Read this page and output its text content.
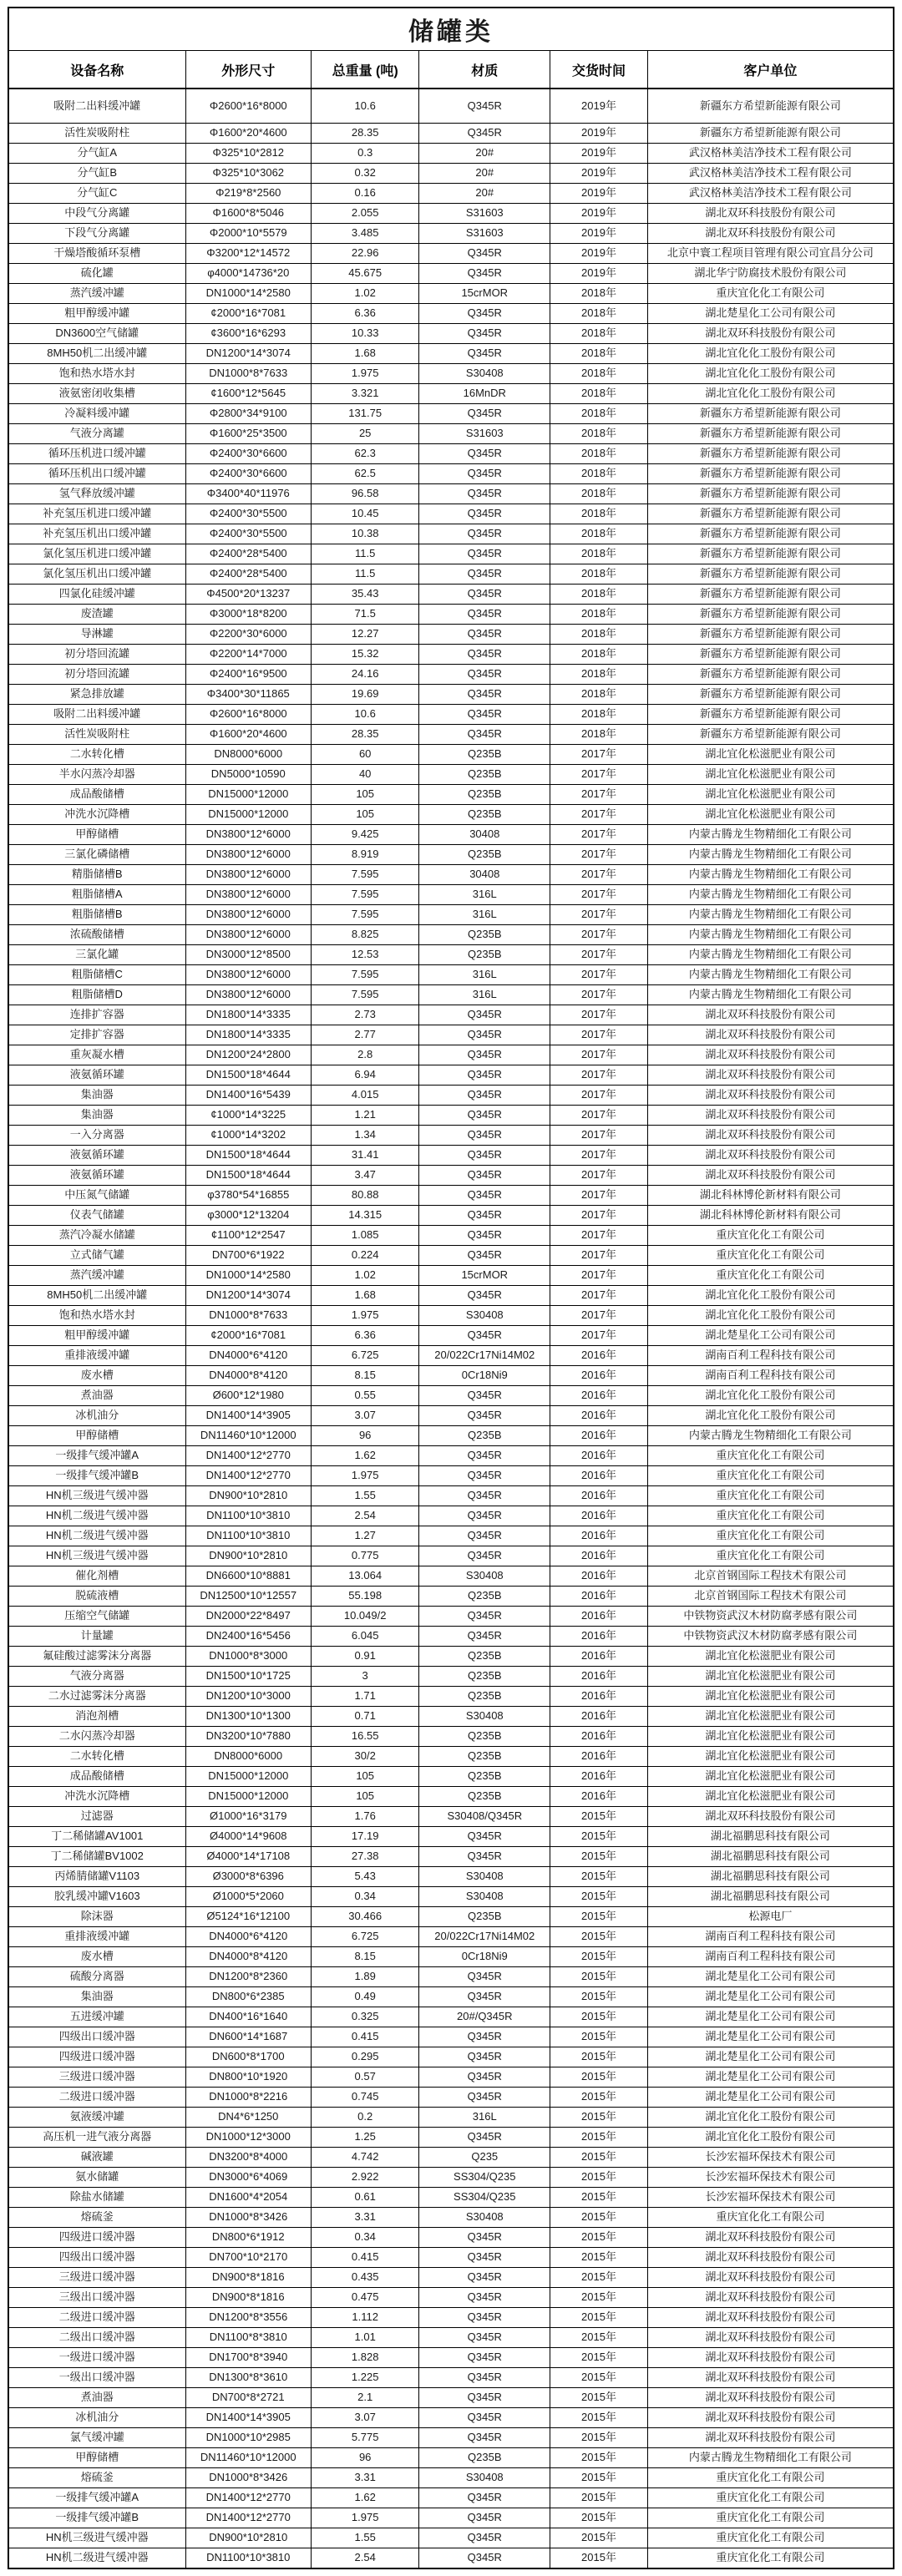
储罐类					
设备名称	外形尺寸	总重量 (吨)	材质	交货时间	客户单位
吸附二出料缓冲罐	Φ2600*16*8000	10.6	Q345R	2019年	新疆东方希望新能源有限公司
活性炭吸附柱	Φ1600*20*4600	28.35	Q345R	2019年	新疆东方希望新能源有限公司
分气缸A	Φ325*10*2812	0.3	20#	2019年	武汉格林美洁净技术工程有限公司
分气缸B	Φ325*10*3062	0.32	20#	2019年	武汉格林美洁净技术工程有限公司
分气缸C	Φ219*8*2560	0.16	20#	2019年	武汉格林美洁净技术工程有限公司
中段气分离罐	Φ1600*8*5046	2.055	S31603	2019年	湖北双环科技股份有限公司
下段气分离罐	Φ2000*10*5579	3.485	S31603	2019年	湖北双环科技股份有限公司
干燥塔酸循环泵槽	Φ3200*12*14572	22.96	Q345R	2019年	北京中寰工程项目管理有限公司宜昌分公司
硫化罐	φ4000*14736*20	45.675	Q345R	2019年	湖北华宁防腐技术股份有限公司
蒸汽缓冲罐	DN1000*14*2580	1.02	15crMOR	2018年	重庆宜化化工有限公司
粗甲醇缓冲罐	¢2000*16*7081	6.36	Q345R	2018年	湖北楚星化工公司有限公司
DN3600空气储罐	¢3600*16*6293	10.33	Q345R	2018年	湖北双环科技股份有限公司
8MH50机二出缓冲罐	DN1200*14*3074	1.68	Q345R	2018年	湖北宜化化工股份有限公司
饱和热水塔水封	DN1000*8*7633	1.975	S30408	2018年	湖北宜化化工股份有限公司
液氨密闭收集槽	¢1600*12*5645	3.321	16MnDR	2018年	湖北宜化化工股份有限公司
冷凝料缓冲罐	Φ2800*34*9100	131.75	Q345R	2018年	新疆东方希望新能源有限公司
气液分离罐	Φ1600*25*3500	25	S31603	2018年	新疆东方希望新能源有限公司
循环压机进口缓冲罐	Φ2400*30*6600	62.3	Q345R	2018年	新疆东方希望新能源有限公司
循环压机出口缓冲罐	Φ2400*30*6600	62.5	Q345R	2018年	新疆东方希望新能源有限公司
氢气释放缓冲罐	Φ3400*40*11976	96.58	Q345R	2018年	新疆东方希望新能源有限公司
补充氢压机进口缓冲罐	Φ2400*30*5500	10.45	Q345R	2018年	新疆东方希望新能源有限公司
补充氢压机出口缓冲罐	Φ2400*30*5500	10.38	Q345R	2018年	新疆东方希望新能源有限公司
氯化氢压机进口缓冲罐	Φ2400*28*5400	11.5	Q345R	2018年	新疆东方希望新能源有限公司
氯化氢压机出口缓冲罐	Φ2400*28*5400	11.5	Q345R	2018年	新疆东方希望新能源有限公司
四氯化硅缓冲罐	Φ4500*20*13237	35.43	Q345R	2018年	新疆东方希望新能源有限公司
废渣罐	Φ3000*18*8200	71.5	Q345R	2018年	新疆东方希望新能源有限公司
导淋罐	Φ2200*30*6000	12.27	Q345R	2018年	新疆东方希望新能源有限公司
初分塔回流罐	Φ2200*14*7000	15.32	Q345R	2018年	新疆东方希望新能源有限公司
初分塔回流罐	Φ2400*16*9500	24.16	Q345R	2018年	新疆东方希望新能源有限公司
紧急排放罐	Φ3400*30*11865	19.69	Q345R	2018年	新疆东方希望新能源有限公司
吸附二出料缓冲罐	Φ2600*16*8000	10.6	Q345R	2018年	新疆东方希望新能源有限公司
活性炭吸附柱	Φ1600*20*4600	28.35	Q345R	2018年	新疆东方希望新能源有限公司
二水转化槽	DN8000*6000	60	Q235B	2017年	湖北宜化松滋肥业有限公司
半水闪蒸冷却器	DN5000*10590	40	Q235B	2017年	湖北宜化松滋肥业有限公司
成品酸储槽	DN15000*12000	105	Q235B	2017年	湖北宜化松滋肥业有限公司
冲洗水沉降槽	DN15000*12000	105	Q235B	2017年	湖北宜化松滋肥业有限公司
甲醇储槽	DN3800*12*6000	9.425	30408	2017年	内蒙古腾龙生物精细化工有限公司
三氯化磷储槽	DN3800*12*6000	8.919	Q235B	2017年	内蒙古腾龙生物精细化工有限公司
精脂储槽B	DN3800*12*6000	7.595	30408	2017年	内蒙古腾龙生物精细化工有限公司
粗脂储槽A	DN3800*12*6000	7.595	316L	2017年	内蒙古腾龙生物精细化工有限公司
粗脂储槽B	DN3800*12*6000	7.595	316L	2017年	内蒙古腾龙生物精细化工有限公司
浓硫酸储槽	DN3800*12*6000	8.825	Q235B	2017年	内蒙古腾龙生物精细化工有限公司
三氯化罐	DN3000*12*8500	12.53	Q235B	2017年	内蒙古腾龙生物精细化工有限公司
粗脂储槽C	DN3800*12*6000	7.595	316L	2017年	内蒙古腾龙生物精细化工有限公司
粗脂储槽D	DN3800*12*6000	7.595	316L	2017年	内蒙古腾龙生物精细化工有限公司
连排扩容器	DN1800*14*3335	2.73	Q345R	2017年	湖北双环科技股份有限公司
定排扩容器	DN1800*14*3335	2.77	Q345R	2017年	湖北双环科技股份有限公司
重灰凝水槽	DN1200*24*2800	2.8	Q345R	2017年	湖北双环科技股份有限公司
液氨循环罐	DN1500*18*4644	6.94	Q345R	2017年	湖北双环科技股份有限公司
集油器	DN1400*16*5439	4.015	Q345R	2017年	湖北双环科技股份有限公司
集油器	¢1000*14*3225	1.21	Q345R	2017年	湖北双环科技股份有限公司
一入分离器	¢1000*14*3202	1.34	Q345R	2017年	湖北双环科技股份有限公司
液氨循环罐	DN1500*18*4644	31.41	Q345R	2017年	湖北双环科技股份有限公司
液氨循环罐	DN1500*18*4644	3.47	Q345R	2017年	湖北双环科技股份有限公司
中压氮气储罐	φ3780*54*16855	80.88	Q345R	2017年	湖北科林博伦新材料有限公司
仪表气储罐	φ3000*12*13204	14.315	Q345R	2017年	湖北科林博伦新材料有限公司
蒸汽冷凝水储罐	¢1100*12*2547	1.085	Q345R	2017年	重庆宜化化工有限公司
立式储气罐	DN700*6*1922	0.224	Q345R	2017年	重庆宜化化工有限公司
蒸汽缓冲罐	DN1000*14*2580	1.02	15crMOR	2017年	重庆宜化化工有限公司
8MH50机二出缓冲罐	DN1200*14*3074	1.68	Q345R	2017年	湖北宜化化工股份有限公司
饱和热水塔水封	DN1000*8*7633	1.975	S30408	2017年	湖北宜化化工股份有限公司
粗甲醇缓冲罐	¢2000*16*7081	6.36	Q345R	2017年	湖北楚星化工公司有限公司
重排液缓冲罐	DN4000*6*4120	6.725	20/022Cr17Ni14M02	2016年	湖南百利工程科技有限公司
废水槽	DN4000*8*4120	8.15	0Cr18Ni9	2016年	湖南百利工程科技有限公司
煮油器	Ø600*12*1980	0.55	Q345R	2016年	湖北宜化化工股份有限公司
冰机油分	DN1400*14*3905	3.07	Q345R	2016年	湖北宜化化工股份有限公司
甲醇储槽	DN11460*10*12000	96	Q235B	2016年	内蒙古腾龙生物精细化工有限公司
一级排气缓冲罐A	DN1400*12*2770	1.62	Q345R	2016年	重庆宜化化工有限公司
一级排气缓冲罐B	DN1400*12*2770	1.975	Q345R	2016年	重庆宜化化工有限公司
HN机三级进气缓冲器	DN900*10*2810	1.55	Q345R	2016年	重庆宜化化工有限公司
HN机二级进气缓冲器	DN1100*10*3810	2.54	Q345R	2016年	重庆宜化化工有限公司
HN机二级进气缓冲器	DN1100*10*3810	1.27	Q345R	2016年	重庆宜化化工有限公司
HN机三级进气缓冲器	DN900*10*2810	0.775	Q345R	2016年	重庆宜化化工有限公司
催化剂槽	DN6600*10*8881	13.064	S30408	2016年	北京首钢国际工程技术有限公司
脱硫液槽	DN12500*10*12557	55.198	Q235B	2016年	北京首钢国际工程技术有限公司
压缩空气储罐	DN2000*22*8497	10.049/2	Q345R	2016年	中铁物资武汉木材防腐孝感有限公司
计量罐	DN2400*16*5456	6.045	Q345R	2016年	中铁物资武汉木材防腐孝感有限公司
氟硅酸过滤雾沫分离器	DN1000*8*3000	0.91	Q235B	2016年	湖北宜化松滋肥业有限公司
气液分离器	DN1500*10*1725	3	Q235B	2016年	湖北宜化松滋肥业有限公司
二水过滤雾沫分离器	DN1200*10*3000	1.71	Q235B	2016年	湖北宜化松滋肥业有限公司
消泡剂槽	DN1300*10*1300	0.71	S30408	2016年	湖北宜化松滋肥业有限公司
二水闪蒸冷却器	DN3200*10*7880	16.55	Q235B	2016年	湖北宜化松滋肥业有限公司
二水转化槽	DN8000*6000	30/2	Q235B	2016年	湖北宜化松滋肥业有限公司
成品酸储槽	DN15000*12000	105	Q235B	2016年	湖北宜化松滋肥业有限公司
冲洗水沉降槽	DN15000*12000	105	Q235B	2016年	湖北宜化松滋肥业有限公司
过滤器	Ø1000*16*3179	1.76	S30408/Q345R	2015年	湖北双环科技股份有限公司
丁二稀储罐AV1001	Ø4000*14*9608	17.19	Q345R	2015年	湖北福鹏思科技有限公司
丁二稀储罐BV1002	Ø4000*14*17108	27.38	Q345R	2015年	湖北福鹏思科技有限公司
丙烯腈储罐V1103	Ø3000*8*6396	5.43	S30408	2015年	湖北福鹏思科技有限公司
胶乳缓冲罐V1603	Ø1000*5*2060	0.34	S30408	2015年	湖北福鹏思科技有限公司
除沫器	Ø5124*16*12100	30.466	Q235B	2015年	松源电厂
重排液缓冲罐	DN4000*6*4120	6.725	20/022Cr17Ni14M02	2015年	湖南百利工程科技有限公司
废水槽	DN4000*8*4120	8.15	0Cr18Ni9	2015年	湖南百利工程科技有限公司
硫酸分离器	DN1200*8*2360	1.89	Q345R	2015年	湖北楚星化工公司有限公司
集油器	DN800*6*2385	0.49	Q345R	2015年	湖北楚星化工公司有限公司
五进缓冲罐	DN400*16*1640	0.325	20#/Q345R	2015年	湖北楚星化工公司有限公司
四级出口缓冲器	DN600*14*1687	0.415	Q345R	2015年	湖北楚星化工公司有限公司
四级进口缓冲器	DN600*8*1700	0.295	Q345R	2015年	湖北楚星化工公司有限公司
三级进口缓冲器	DN800*10*1920	0.57	Q345R	2015年	湖北楚星化工公司有限公司
二级进口缓冲器	DN1000*8*2216	0.745	Q345R	2015年	湖北楚星化工公司有限公司
氨液缓冲罐	DN4*6*1250	0.2	316L	2015年	湖北宜化化工股份有限公司
高压机一进气液分离器	DN1000*12*3000	1.25	Q345R	2015年	湖北宜化化工股份有限公司
碱液罐	DN3200*8*4000	4.742	Q235	2015年	长沙宏福环保技术有限公司
氨水储罐	DN3000*6*4069	2.922	SS304/Q235	2015年	长沙宏福环保技术有限公司
除盐水储罐	DN1600*4*2054	0.61	SS304/Q235	2015年	长沙宏福环保技术有限公司
熔硫釜	DN1000*8*3426	3.31	S30408	2015年	重庆宜化化工有限公司
四级进口缓冲器	DN800*6*1912	0.34	Q345R	2015年	湖北双环科技股份有限公司
四级出口缓冲器	DN700*10*2170	0.415	Q345R	2015年	湖北双环科技股份有限公司
三级进口缓冲器	DN900*8*1816	0.435	Q345R	2015年	湖北双环科技股份有限公司
三级出口缓冲器	DN900*8*1816	0.475	Q345R	2015年	湖北双环科技股份有限公司
二级进口缓冲器	DN1200*8*3556	1.112	Q345R	2015年	湖北双环科技股份有限公司
二级出口缓冲器	DN1100*8*3810	1.01	Q345R	2015年	湖北双环科技股份有限公司
一级进口缓冲器	DN1700*8*3940	1.828	Q345R	2015年	湖北双环科技股份有限公司
一级出口缓冲器	DN1300*8*3610	1.225	Q345R	2015年	湖北双环科技股份有限公司
煮油器	DN700*8*2721	2.1	Q345R	2015年	湖北双环科技股份有限公司
冰机油分	DN1400*14*3905	3.07	Q345R	2015年	湖北双环科技股份有限公司
氯气缓冲罐	DN1000*10*2985	5.775	Q345R	2015年	湖北双环科技股份有限公司
甲醇储槽	DN11460*10*12000	96	Q235B	2015年	内蒙古腾龙生物精细化工有限公司
熔硫釜	DN1000*8*3426	3.31	S30408	2015年	重庆宜化化工有限公司
一级排气缓冲罐A	DN1400*12*2770	1.62	Q345R	2015年	重庆宜化化工有限公司
一级排气缓冲罐B	DN1400*12*2770	1.975	Q345R	2015年	重庆宜化化工有限公司
HN机三级进气缓冲器	DN900*10*2810	1.55	Q345R	2015年	重庆宜化化工有限公司
HN机二级进气缓冲器	DN1100*10*3810	2.54	Q345R	2015年	重庆宜化化工有限公司
